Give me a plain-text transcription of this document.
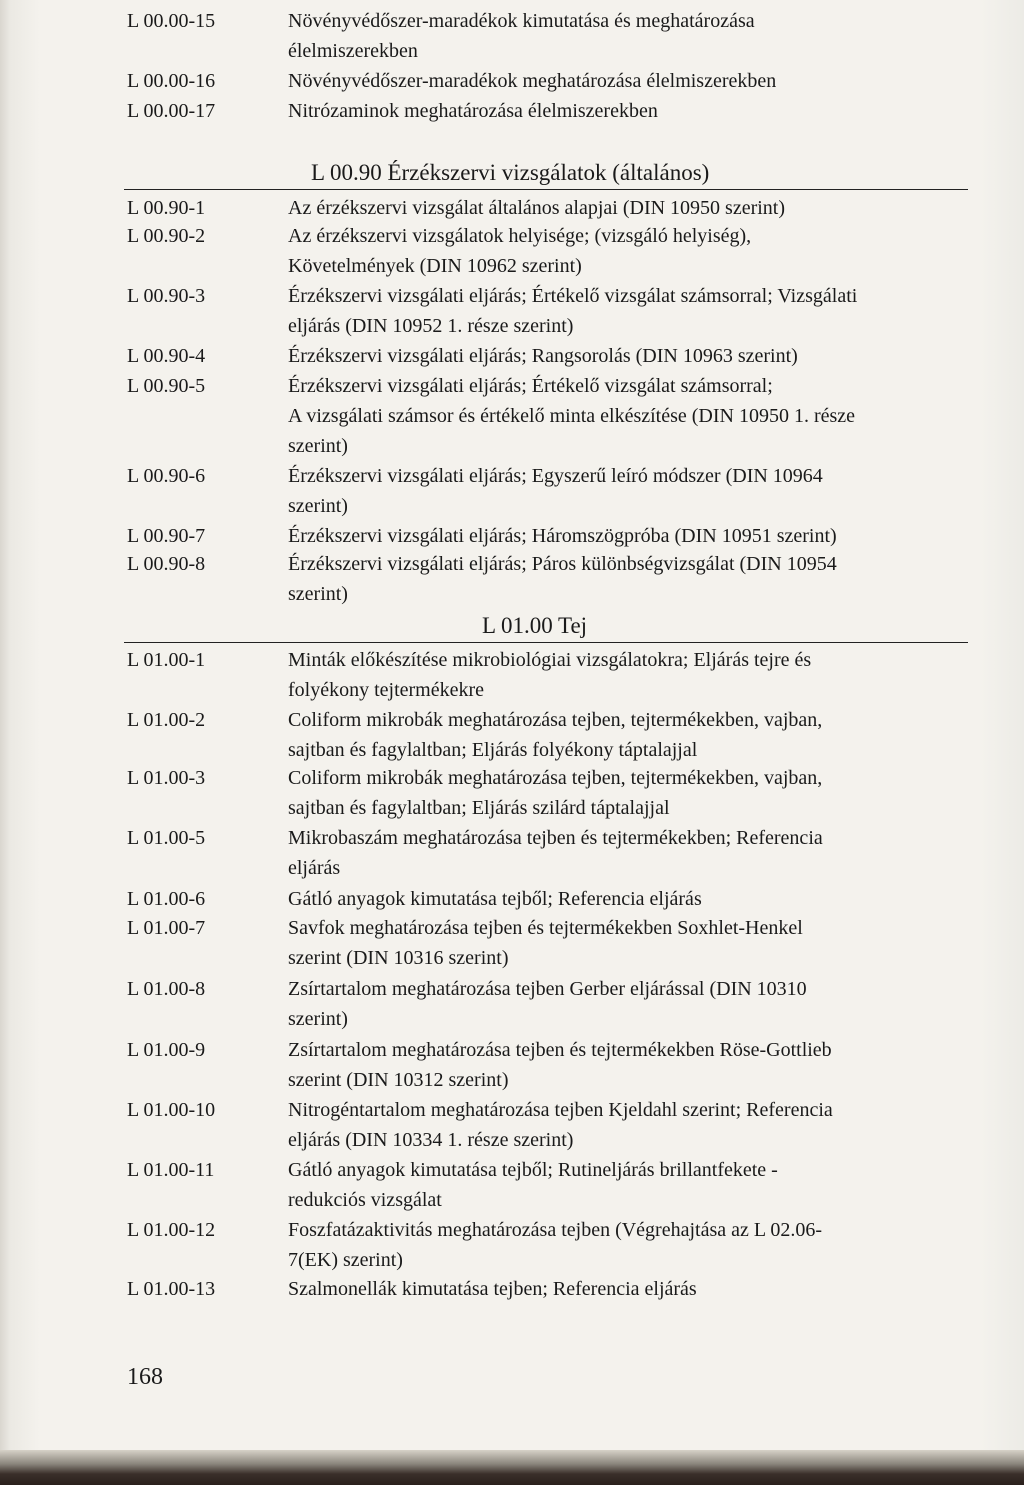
L 00.00-15	Növényvédőszer-maradékok kimutatása és meghatározása
élelmiszerekben
L 00.00-16	Növényvédőszer-maradékok meghatározása élelmiszerekben
L 00.00-17	Nitrózaminok meghatározása élelmiszerekben
L 00.90 Érzékszervi vizsgálatok (általános)
L 00.90-1	Az érzékszervi vizsgálat általános alapjai (DIN 10950 szerint)
L 00.90-2	Az érzékszervi vizsgálatok helyisége; (vizsgáló helyiség),
Követelmények (DIN 10962 szerint)
L 00.90-3	Érzékszervi vizsgálati eljárás; Értékelő vizsgálat számsorral; Vizsgálati
eljárás (DIN 10952 1. része szerint)
L 00.90-4	Érzékszervi vizsgálati eljárás; Rangsorolás (DIN 10963 szerint)
L 00.90-5	Érzékszervi vizsgálati eljárás; Értékelő vizsgálat számsorral;
A vizsgálati számsor és értékelő minta elkészítése (DIN 10950 1. része
szerint)
L 00.90-6	Érzékszervi vizsgálati eljárás; Egyszerű leíró módszer (DIN 10964
szerint)
L 00.90-7	Érzékszervi vizsgálati eljárás; Háromszögpróba (DIN 10951 szerint)
L 00.90-8	Érzékszervi vizsgálati eljárás; Páros különbségvizsgálat (DIN 10954
szerint)
L 01.00 Tej
L 01.00-1	Minták előkészítése mikrobiológiai vizsgálatokra; Eljárás tejre és
folyékony tejtermékekre
L 01.00-2	Coliform mikrobák meghatározása tejben, tejtermékekben, vajban,
sajtban és fagylaltban; Eljárás folyékony táptalajjal
L 01.00-3	Coliform mikrobák meghatározása tejben, tejtermékekben, vajban,
sajtban és fagylaltban; Eljárás szilárd táptalajjal
L 01.00-5	Mikrobaszám meghatározása tejben és tejtermékekben; Referencia
eljárás
L 01.00-6	Gátló anyagok kimutatása tejből; Referencia eljárás
L 01.00-7	Savfok meghatározása tejben és tejtermékekben Soxhlet-Henkel
szerint (DIN 10316 szerint)
L 01.00-8	Zsírtartalom meghatározása tejben Gerber eljárással (DIN 10310
szerint)
L 01.00-9	Zsírtartalom meghatározása tejben és tejtermékekben Röse-Gottlieb
szerint (DIN 10312 szerint)
L 01.00-10	Nitrogéntartalom meghatározása tejben Kjeldahl szerint; Referencia
eljárás (DIN 10334 1. része szerint)
L 01.00-11	Gátló anyagok kimutatása tejből; Rutineljárás brillantfekete -
redukciós vizsgálat
L 01.00-12	Foszfatázaktivitás meghatározása tejben (Végrehajtása az L 02.06-
7(EK) szerint)
L 01.00-13	Szalmonellák kimutatása tejben; Referencia eljárás
168
